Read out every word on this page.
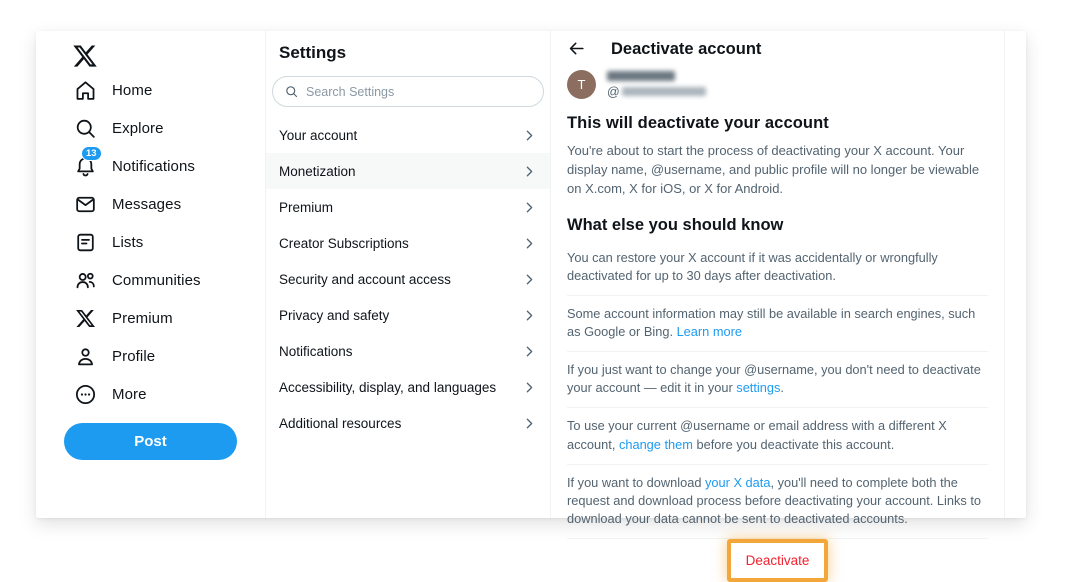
Home
Explore
13
Notifications
Messages
Lists
Communities
Premium
Profile
More
Post
Settings
Search Settings
Your account
Monetization
Premium
Creator Subscriptions
Security and account access
Privacy and safety
Notifications
Accessibility, display, and languages
Additional resources
Deactivate account
T	@
This will deactivate your account

You're about to start the process of deactivating your X account. Your display name, @username, and public profile will no longer be viewable on X.com, X for iOS, or X for Android.

What else you should know

You can restore your X account if it was accidentally or wrongfully deactivated for up to 30 days after deactivation.

Some account information may still be available in search engines, such as Google or Bing. Learn more

If you just want to change your @username, you don't need to deactivate your account — edit it in your settings.

To use your current @username or email address with a different X account, change them before you deactivate this account.

If you want to download your X data, you'll need to complete both the request and download process before deactivating your account. Links to download your data cannot be sent to deactivated accounts.

Deactivate
